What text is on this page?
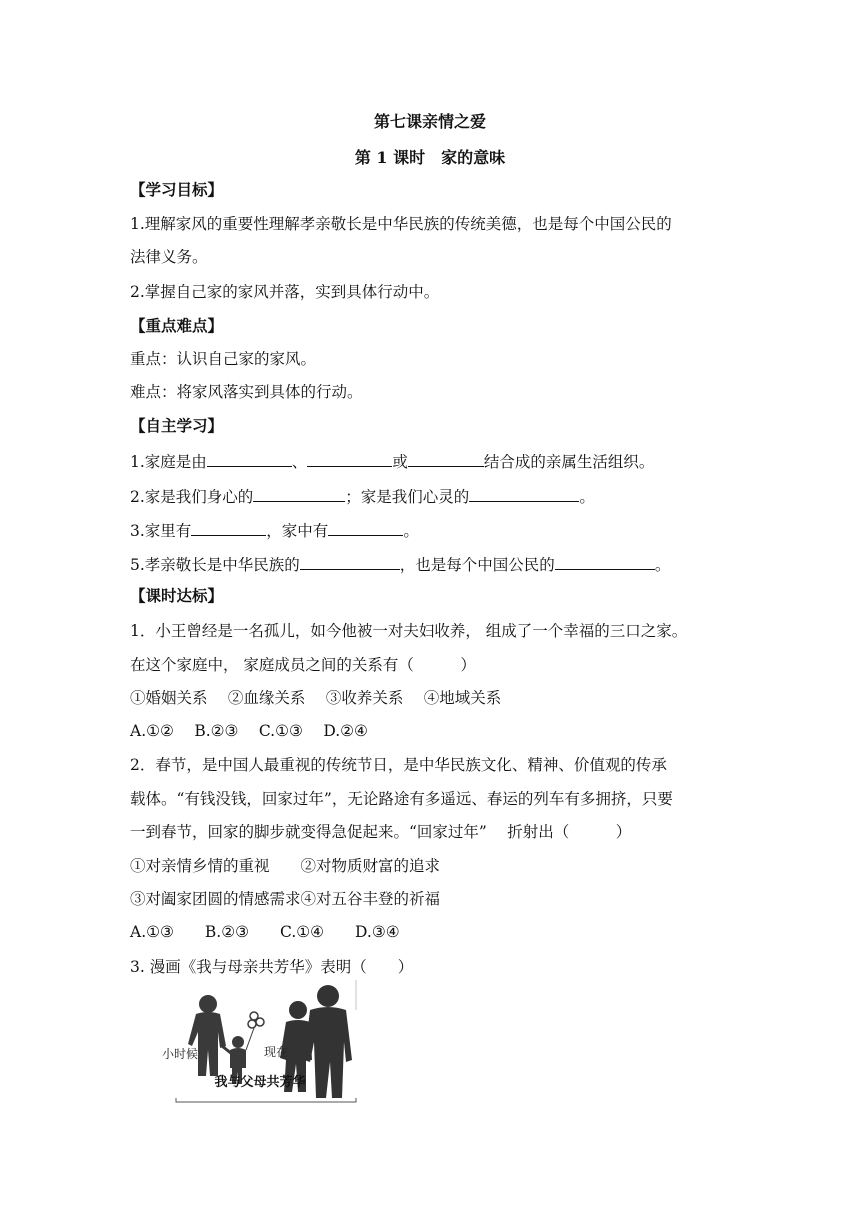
第七课亲情之爱
第 1 课时　家的意味
【学习目标】
1.理解家风的重要性理解孝亲敬长是中华民族的传统美德，也是每个中国公民的
法律义务。
2.掌握自己家的家风并落，实到具体行动中。
【重点难点】
重点：认识自己家的家风。
难点：将家风落实到具体的行动。
【自主学习】
1.家庭是由	、	或	结合成的亲属生活组织。
2.家是我们身心的	；家是我们心灵的	。
3.家里有	，家中有	。
5.孝亲敬长是中华民族的	，也是每个中国公民的	。
【课时达标】
1．小王曾经是一名孤儿，如今他被一对夫妇收养， 组成了一个幸福的三口之家。
在这个家庭中， 家庭成员之间的关系有（　　　）
①婚姻关系　 ②血缘关系　 ③收养关系　 ④地域关系
A.①②　 B.②③　 C.①③　 D.②④
2．春节，是中国人最重视的传统节日，是中华民族文化、精神、价值观的传承
载体。“有钱没钱，回家过年”，无论路途有多遥远、春运的列车有多拥挤，只要
一到春节，回家的脚步就变得急促起来。“回家过年”　 折射出（　　　）
①对亲情乡情的重视　　②对物质财富的追求
③对阖家团圆的情感需求④对五谷丰登的祈福
A.①③　　B.②③　　C.①④　　D.③④
3. 漫画《我与母亲共芳华》表明（　　）
小时候	现在
我与父母共芳华
